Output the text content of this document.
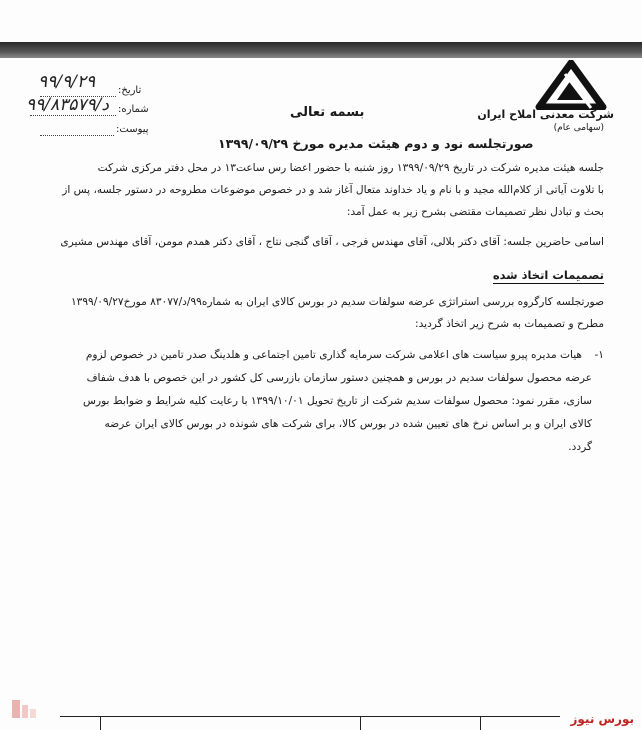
شرکت معدنی املاح ایران
(سهامی عام)
بسمه تعالی
تاریخ:
۹۹/۹/۲۹
شماره:
۹۹/د/۸۳۵۷۹
پیوست:
صورتجلسه نود و دوم هیئت مدیره مورخ ۱۳۹۹/۰۹/۲۹
جلسه هیئت مدیره شرکت در تاریخ ۱۳۹۹/۰۹/۲۹ روز شنبه با حضور اعضا رس ساعت۱۳ در محل دفتر مرکزی شرکت
با تلاوت آیاتی از کلام‌الله مجید و با نام و یاد خداوند متعال آغاز شد و در خصوص موضوعات مطروحه در دستور جلسه، پس از
بحث و تبادل نظر تصمیمات مقتضی بشرح زیر به عمل آمد:
اسامی حاضرین جلسه: آقای دکتر بلالی، آقای مهندس فرجی ، آقای گنجی نتاج ، آقای دکتر همدم مومن، آقای مهندس مشیری
تصمیمات اتخاذ شده
صورتجلسه کارگروه بررسی استراتژی عرضه سولفات سدیم در بورس کالای ایران به شماره۹۹/د/۸۳۰۷۷ مورخ۱۳۹۹/۰۹/۲۷
مطرح و تصمیمات به شرح زیر اتخاذ گردید:
۱-
هیات مدیره پیرو سیاست های اعلامی شرکت سرمایه گذاری تامین اجتماعی و هلدینگ صدر تامین در خصوص لزوم
عرضه محصول سولفات سدیم در بورس و همچنین دستور سازمان بازرسی کل کشور در این خصوص با هدف شفاف
سازی، مقرر نمود: محصول سولفات سدیم شرکت از تاریخ تحویل ۱۳۹۹/۱۰/۰۱ با رعایت کلیه شرایط و ضوابط بورس
کالای ایران و بر اساس نرخ های تعیین شده در بورس کالا، برای شرکت های شونده در بورس کالای ایران عرضه
گردد.
بورس نیوز
